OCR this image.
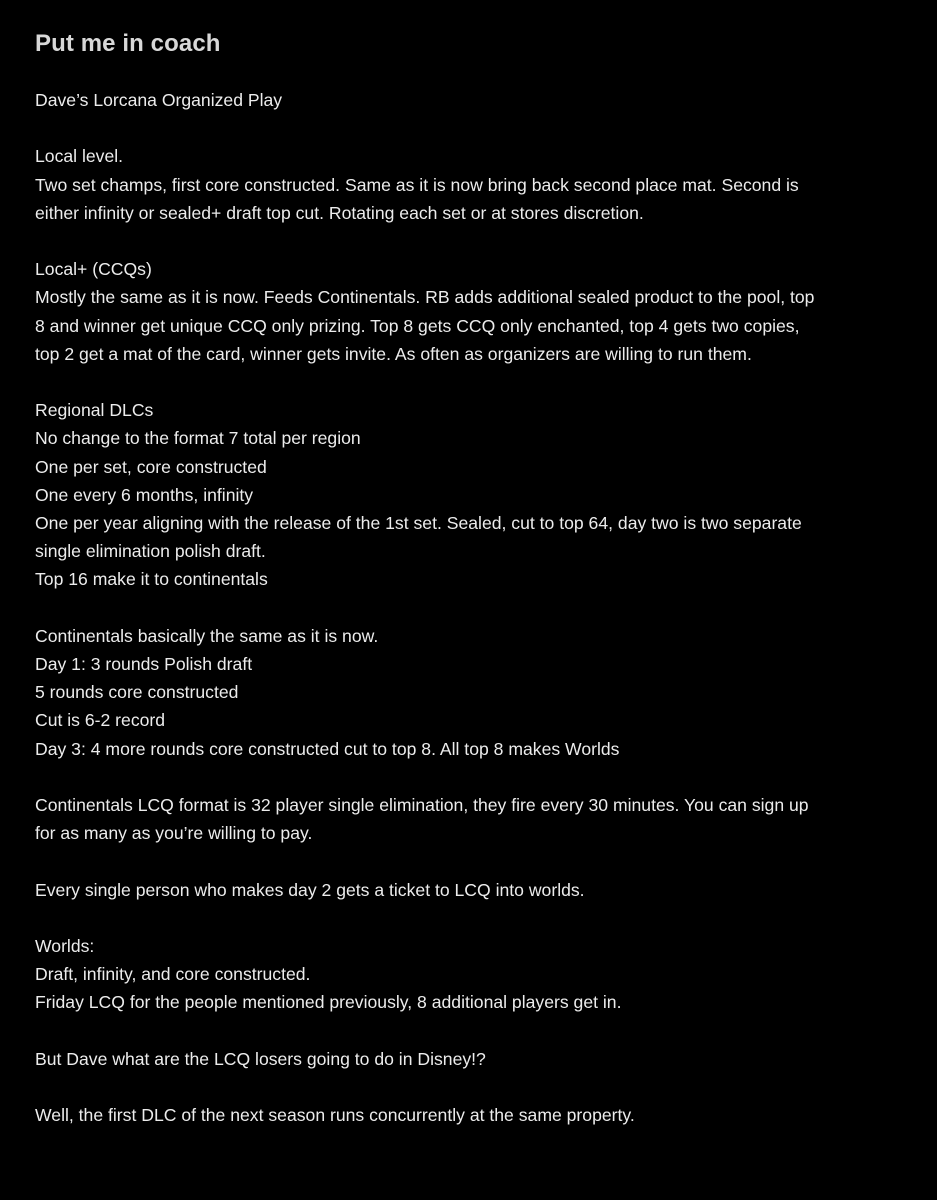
Put me in coach
Dave’s Lorcana Organized Play
Local level.
Two set champs, first core constructed. Same as it is now bring back second place mat. Second is
either infinity or sealed+ draft top cut. Rotating each set or at stores discretion.
Local+ (CCQs)
Mostly the same as it is now. Feeds Continentals. RB adds additional sealed product to the pool, top
8 and winner get unique CCQ only prizing. Top 8 gets CCQ only enchanted, top 4 gets two copies,
top 2 get a mat of the card, winner gets invite. As often as organizers are willing to run them.
Regional DLCs
No change to the format 7 total per region
One per set, core constructed
One every 6 months, infinity
One per year aligning with the release of the 1st set. Sealed, cut to top 64, day two is two separate
single elimination polish draft.
Top 16 make it to continentals
Continentals basically the same as it is now.
Day 1: 3 rounds Polish draft
5 rounds core constructed
Cut is 6-2 record
Day 3: 4 more rounds core constructed cut to top 8. All top 8 makes Worlds
Continentals LCQ format is 32 player single elimination, they fire every 30 minutes. You can sign up
for as many as you’re willing to pay.
Every single person who makes day 2 gets a ticket to LCQ into worlds.
Worlds:
Draft, infinity, and core constructed.
Friday LCQ for the people mentioned previously, 8 additional players get in.
But Dave what are the LCQ losers going to do in Disney!?
Well, the first DLC of the next season runs concurrently at the same property.
